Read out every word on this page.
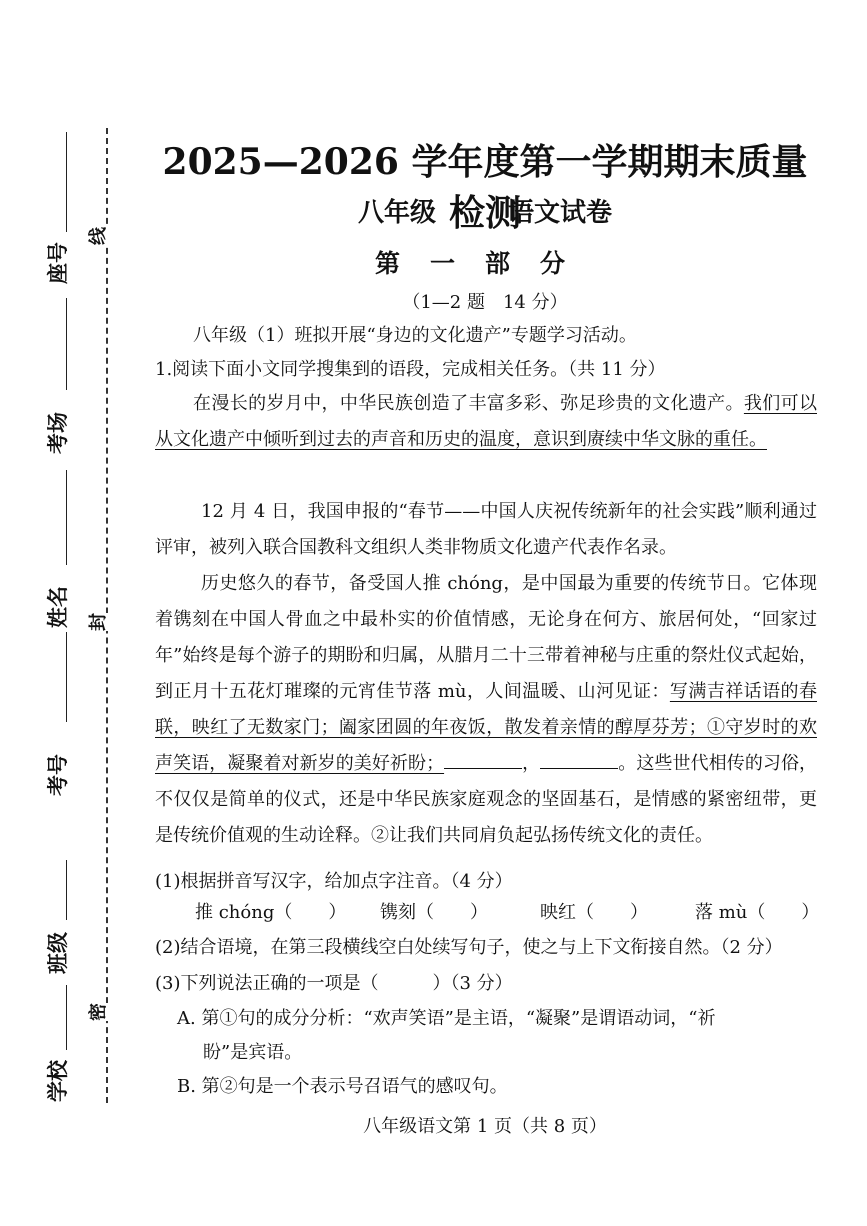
座号
考场
姓名
考号
班级
学校
线
封
密
2025—2026 学年度第一学期期末质量检测
八年级	语文试卷
第一部分
（1—2 题　14 分）

八年级（1）班拟开展“身边的文化遗产”专题学习活动。

1.阅读下面小文同学搜集到的语段，完成相关任务。（共 11 分）

在漫长的岁月中，中华民族创造了丰富多彩、弥足珍贵的文化遗产。我们可以从文化遗产中倾听到过去的声音和历史的温度，意识到赓续中华文脉的重任。

12 月 4 日，我国申报的“春节——中国人庆祝传统新年的社会实践”顺利通过评审，被列入联合国教科文组织人类非物质文化遗产代表作名录。

历史悠久的春节，备受国人推 chóng，是中国最为重要的传统节日。它体现着镌刻在中国人骨血之中最朴实的价值情感，无论身在何方、旅居何处，“回家过年”始终是每个游子的期盼和归属，从腊月二十三带着神秘与庄重的祭灶仪式起始，到正月十五花灯璀璨的元宵佳节落 mù，人间温暖、山河见证：写满吉祥话语的春联，映红了无数家门；阖家团圆的年夜饭，散发着亲情的醇厚芬芳；①守岁时的欢声笑语，凝聚着对新岁的美好祈盼；	，	。这些世代相传的习俗，不仅仅是简单的仪式，还是中华民族家庭观念的坚固基石，是情感的紧密纽带，更是传统价值观的生动诠释。②让我们共同肩负起弘扬传统文化的责任。

(1)根据拼音写汉字，给加点字注音。（4 分）

推 chóng（　　） 镌刻（　　）	映红（　　）	落 mù（　　）

(2)结合语境，在第三段横线空白处续写句子，使之与上下文衔接自然。（2 分）

(3)下列说法正确的一项是（　　　）（3 分）

A. 第①句的成分分析：“欢声笑语”是主语，“凝聚”是谓语动词，“祈

盼”是宾语。

B. 第②句是一个表示号召语气的感叹句。

八年级语文第 1 页（共 8 页）
